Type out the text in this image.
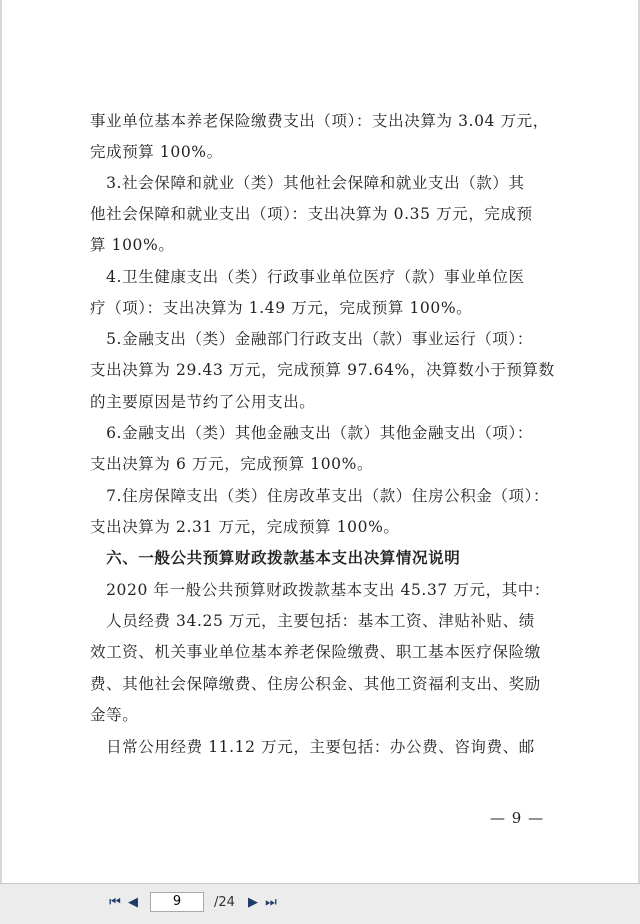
事业单位基本养老保险缴费支出（项）：支出决算为 3.04 万元，
完成预算 100%。
　3.社会保障和就业（类）其他社会保障和就业支出（款）其
他社会保障和就业支出（项）：支出决算为 0.35 万元，完成预
算 100%。
　4.卫生健康支出（类）行政事业单位医疗（款）事业单位医
疗（项）：支出决算为 1.49 万元，完成预算 100%。
　5.金融支出（类）金融部门行政支出（款）事业运行（项）：
支出决算为 29.43 万元，完成预算 97.64%，决算数小于预算数
的主要原因是节约了公用支出。
　6.金融支出（类）其他金融支出（款）其他金融支出（项）：
支出决算为 6 万元，完成预算 100%。
　7.住房保障支出（类）住房改革支出（款）住房公积金（项）：
支出决算为 2.31 万元，完成预算 100%。
　六、一般公共预算财政拨款基本支出决算情况说明
　2020 年一般公共预算财政拨款基本支出 45.37 万元，其中：
　人员经费 34.25 万元，主要包括：基本工资、津贴补贴、绩
效工资、机关事业单位基本养老保险缴费、职工基本医疗保险缴
费、其他社会保障缴费、住房公积金、其他工资福利支出、奖励
金等。
　日常公用经费 11.12 万元，主要包括：办公费、咨询费、邮
— 9 —
⏮ ◀
9	/24 ▶ ⏭
